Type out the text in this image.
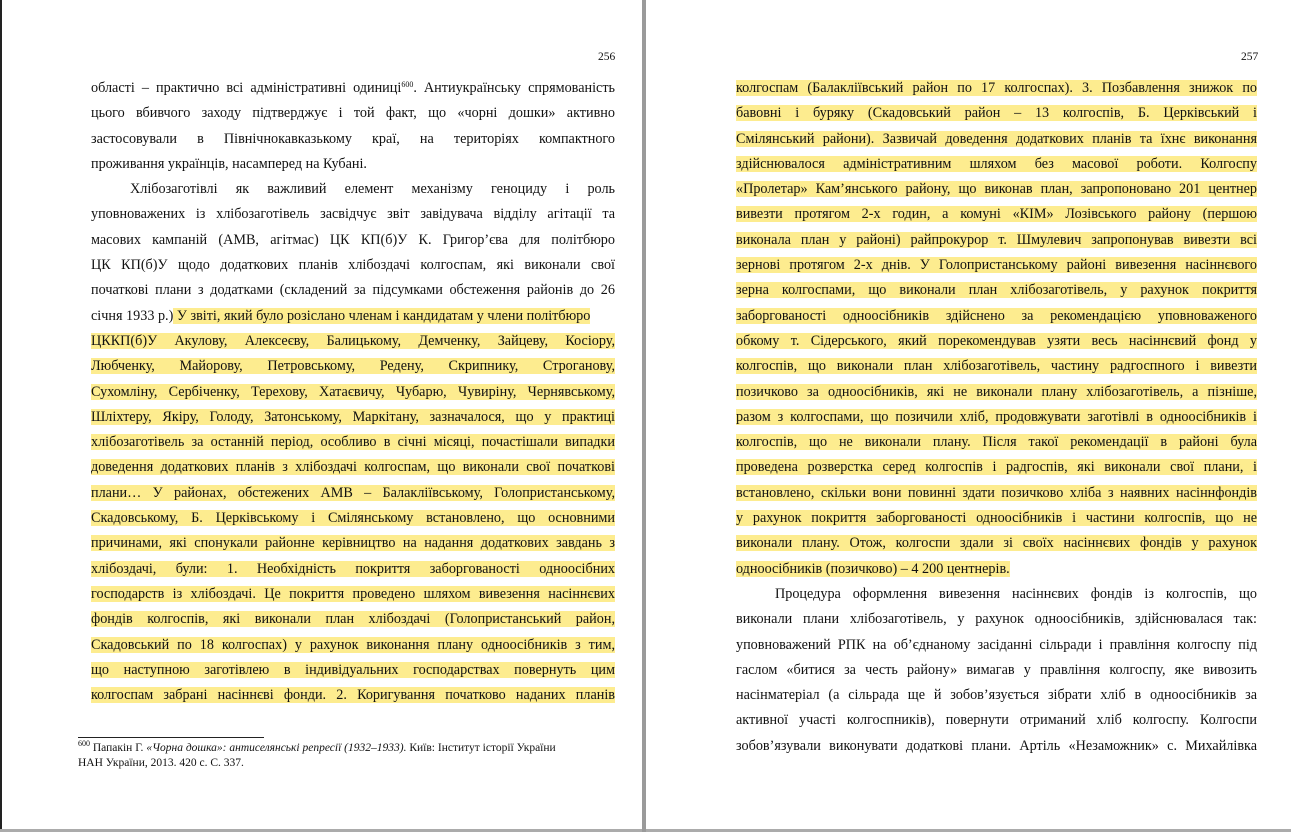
256
області – практично всі адміністративні одиниці$^{600}$. Антиукраїнську спрямованість
цього вбивчого заходу підтверджує і той факт, що «чорні дошки» активно
застосовували в Північнокавказькому краї, на територіях компактного
проживання українців, насамперед на Кубані.
Хлібозаготівлі як важливий елемент механізму геноциду і роль
уповноважених із хлібозаготівель засвідчує звіт завідувача відділу агітації та
масових кампаній (АМВ, агітмас) ЦК КП(б)У К. Григор’єва для політбюро
ЦК КП(б)У щодо додаткових планів хлібоздачі колгоспам, які виконали свої
початкові плани з додатками (складений за підсумками обстеження районів до 26
січня 1933 р.) У звіті, який було розіслано членам і кандидатам у члени політбюро
ЦККП(б)У Акулову, Алексеєву, Балицькому, Демченку, Зайцеву, Косіору,
Любченку, Майорову, Петровському, Редену, Скрипнику, Строганову,
Сухомліну, Сербіченку, Терехову, Хатаєвичу, Чубарю, Чувиріну, Чернявському,
Шліхтеру, Якіру, Голоду, Затонському, Маркітану, зазначалося, що у практиці
хлібозаготівель за останній період, особливо в січні місяці, почастішали випадки
доведення додаткових планів з хлібоздачі колгоспам, що виконали свої початкові
плани… У районах, обстежених АМВ – Балакліївському, Голопристанському,
Скадовському, Б. Церківському і Смілянському встановлено, що основними
причинами, які спонукали районне керівництво на надання додаткових завдань з
хлібоздачі, були: 1. Необхідність покриття заборгованості одноосібних
господарств із хлібоздачі. Це покриття проведено шляхом вивезення насіннєвих
фондів колгоспів, які виконали план хлібоздачі (Голопристанський район,
Скадовський по 18 колгоспах) у рахунок виконання плану одноосібників з тим,
що наступною заготівлею в індивідуальних господарствах повернуть цим
колгоспам забрані насіннєві фонди. 2. Коригування початково наданих планів
$^{600}$ Папакін Г. «Чорна дошка»: антиселянські репресії (1932–1933). Київ: Інститут історії України
НАН України, 2013. 420 с. С. 337.
257
колгоспам (Балакліївський район по 17 колгоспах). 3. Позбавлення знижок по
бавовні і буряку (Скадовський район – 13 колгоспів, Б. Церківський і
Смілянський райони). Зазвичай доведення додаткових планів та їхнє виконання
здійснювалося адміністративним шляхом без масової роботи. Колгоспу
«Пролетар» Кам’янського району, що виконав план, запропоновано 201 центнер
вивезти протягом 2-х годин, а комуні «КІМ» Лозівського району (першою
виконала план у районі) райпрокурор т. Шмулевич запропонував вивезти всі
зернові протягом 2-х днів. У Голопристанському районі вивезення насіннєвого
зерна колгоспами, що виконали план хлібозаготівель, у рахунок покриття
заборгованості одноосібників здійснено за рекомендацією уповноваженого
обкому т. Сідерського, який порекомендував узяти весь насіннєвий фонд у
колгоспів, що виконали план хлібозаготівель, частину радгоспного і вивезти
позичково за одноосібників, які не виконали плану хлібозаготівель, а пізніше,
разом з колгоспами, що позичили хліб, продовжувати заготівлі в одноосібників і
колгоспів, що не виконали плану. Після такої рекомендації в районі була
проведена розверстка серед колгоспів і радгоспів, які виконали свої плани, і
встановлено, скільки вони повинні здати позичково хліба з наявних насіннфондів
у рахунок покриття заборгованості одноосібників і частини колгоспів, що не
виконали плану. Отож, колгоспи здали зі своїх насіннєвих фондів у рахунок
одноосібників (позичково) – 4 200 центнерів.
Процедура оформлення вивезення насіннєвих фондів із колгоспів, що
виконали плани хлібозаготівель, у рахунок одноосібників, здійснювалася так:
уповноважений РПК на об’єднаному засіданні сільради і правління колгоспу під
гаслом «битися за честь району» вимагав у правління колгоспу, яке вивозить
насінматеріал (а сільрада ще й зобов’язується зібрати хліб в одноосібників за
активної участі колгоспників), повернути отриманий хліб колгоспу. Колгоспи
зобов’язували виконувати додаткові плани. Артіль «Незаможник» с. Михайлівка
